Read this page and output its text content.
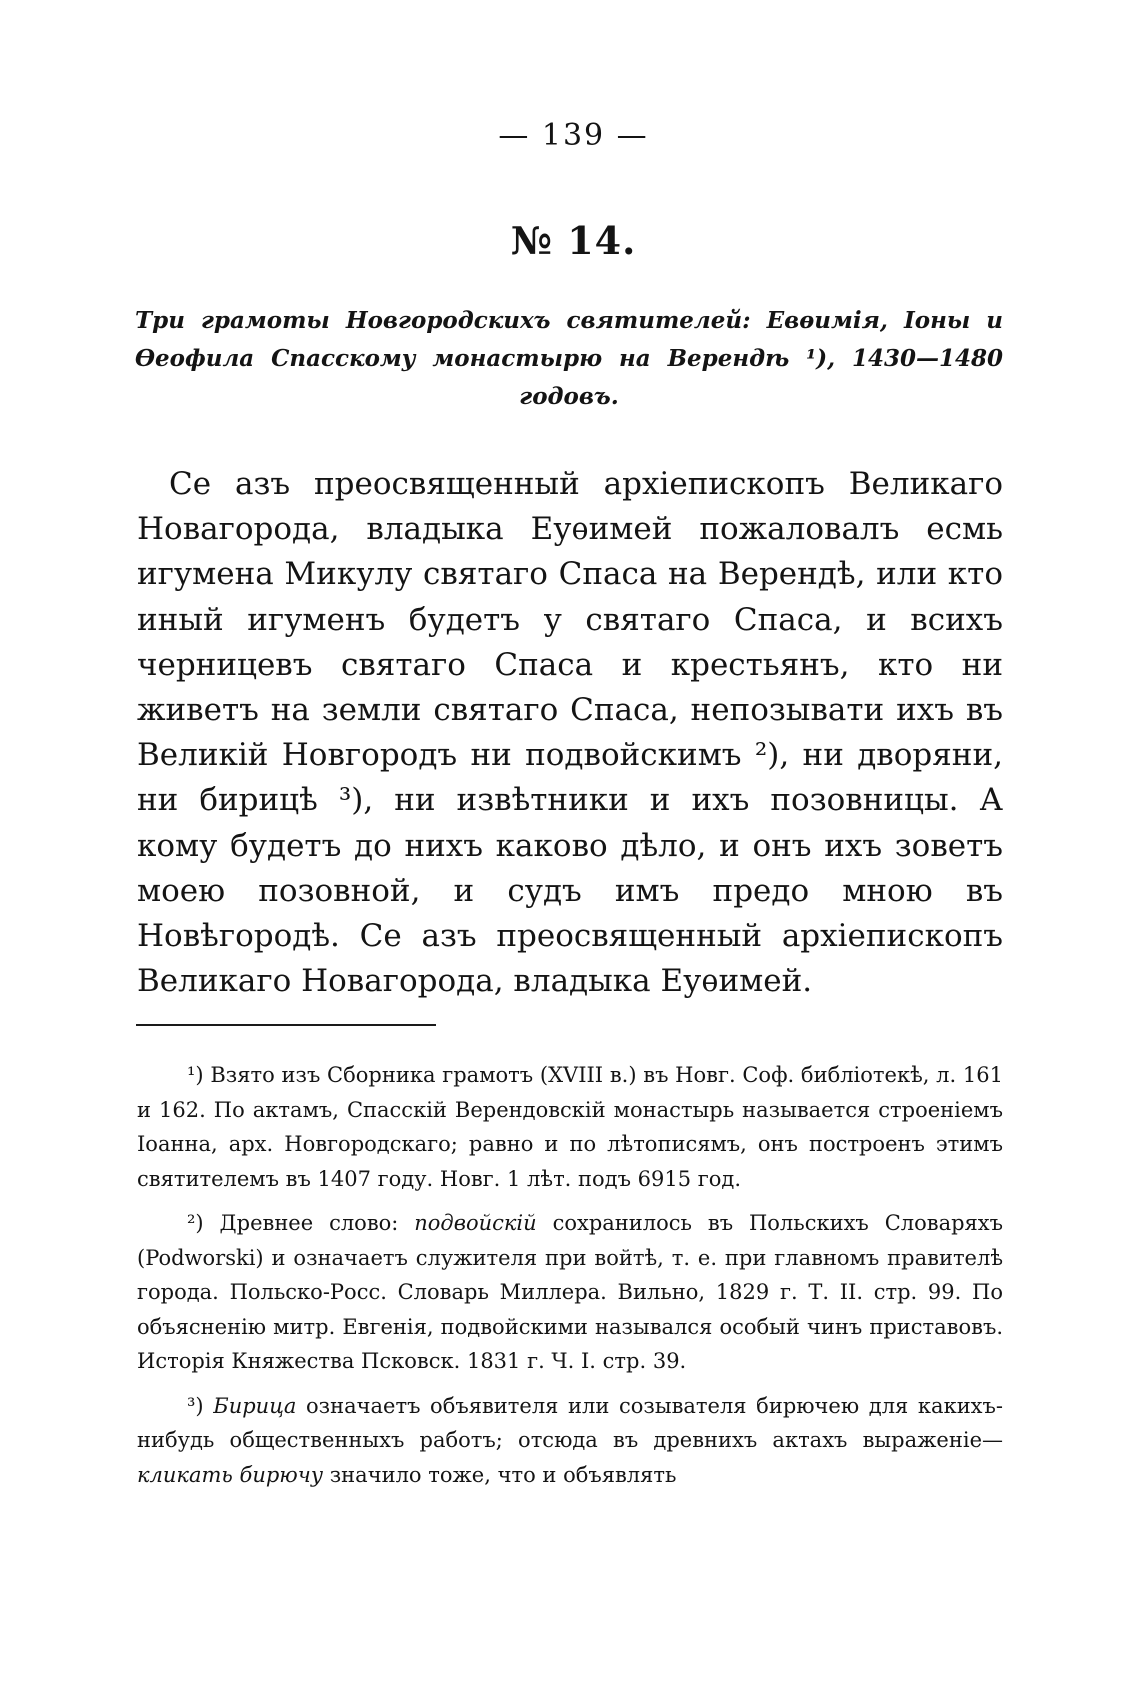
— 139 —
№ 14.
Три грамоты Новгородскихъ святителей: Евѳимія, Іоны и Ѳеофила Спасскому монастырю на Верендѣ ¹), 1430—1480 годовъ.

Се азъ преосвященный архіепископъ Великаго Новагорода, владыка Еуѳимей пожаловалъ есмь игумена Микулу святаго Спаса на Верендѣ, или кто иный игуменъ будетъ у святаго Спаса, и всихъ черницевъ святаго Спаса и крестьянъ, кто ни живетъ на земли святаго Спаса, непозывати ихъ въ Великій Новгородъ ни подвойскимъ ²), ни дворяни, ни бирицѣ ³), ни извѣтники и ихъ позовницы. А кому будетъ до нихъ каково дѣло, и онъ ихъ зоветъ моею позовной, и судъ имъ предо мною въ Новѣгородѣ. Се азъ преосвященный архіепископъ Великаго Новагорода, владыка Еуѳимей.

¹) Взято изъ Сборника грамотъ (XVIII в.) въ Новг. Соф. библіотекѣ, л. 161 и 162. По актамъ, Спасскій Верендовскій монастырь называется строеніемъ Іоанна, арх. Новгородскаго; равно и по лѣтописямъ, онъ построенъ этимъ святителемъ въ 1407 году. Новг. 1 лѣт. подъ 6915 год.

²) Древнее слово: подвойскій сохранилось въ Польскихъ Словаряхъ (Podworski) и означаетъ служителя при войтѣ, т. е. при главномъ правителѣ города. Польско-Росс. Словарь Миллера. Вильно, 1829 г. Т. II. стр. 99. По объясненію митр. Евгенія, подвойскими назывался особый чинъ приставовъ. Исторія Княжества Псковск. 1831 г. Ч. I. стр. 39.

³) Бирица означаетъ объявителя или созывателя бирючею для какихъ-нибудь общественныхъ работъ; отсюда въ древнихъ актахъ выраженіе—кликать бирючу значило тоже, что и объявлять
